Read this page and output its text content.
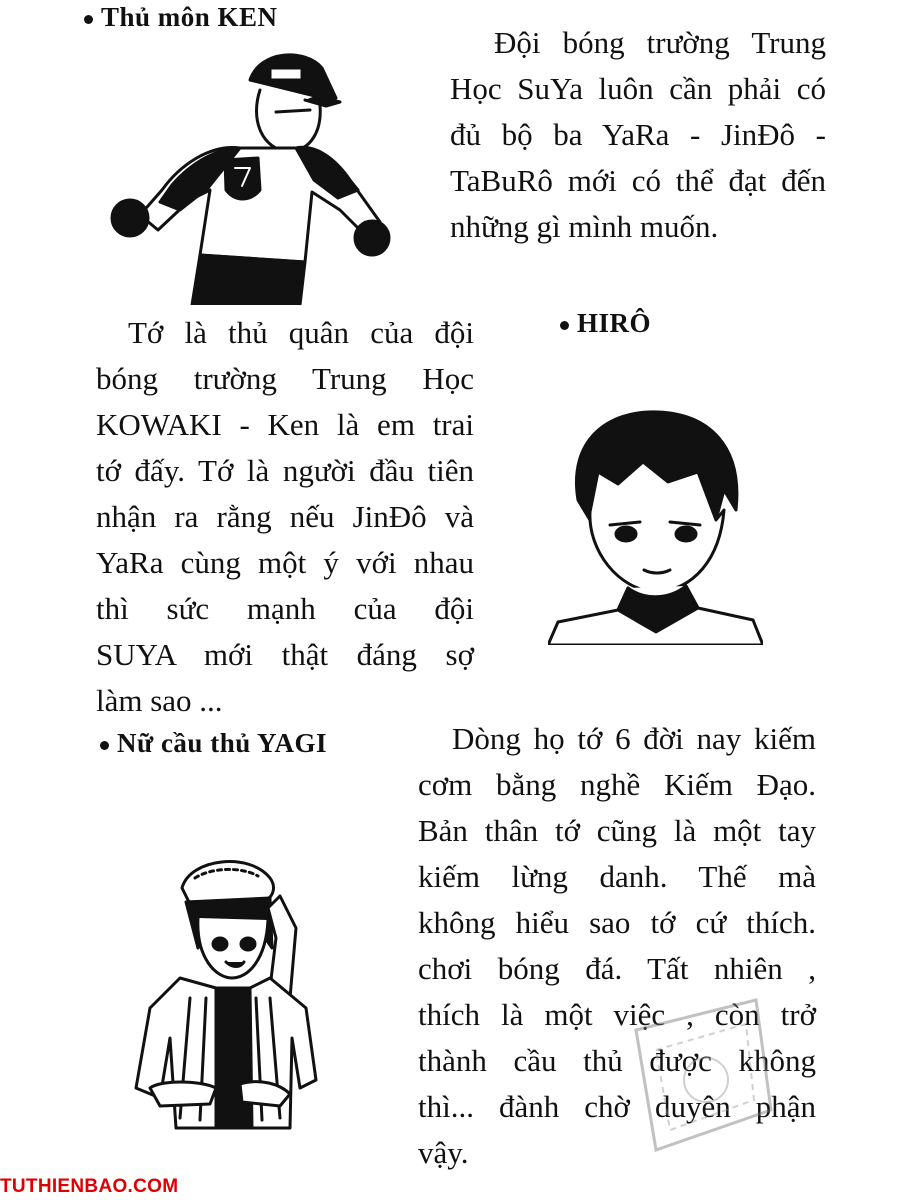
Thủ môn KEN
Đội bóng trường Trung
Học SuYa luôn cần phải có
đủ bộ ba YaRa - JinĐô -
TaBuRô mới có thể đạt đến
những gì mình muốn.
Tớ là thủ quân của đội
bóng trường Trung Học
KOWAKI - Ken là em trai
tớ đấy. Tớ là người đầu tiên
nhận ra rằng nếu JinĐô và
YaRa cùng một ý với nhau
thì sức mạnh của đội
SUYA mới thật đáng sợ
làm sao ...
HIRÔ
Nữ cầu thủ YAGI	Dòng họ tớ 6 đời nay kiếm
cơm bằng nghề Kiếm Đạo.
Bản thân tớ cũng là một tay
kiếm lừng danh. Thế mà
không hiểu sao tớ cứ thích.
chơi bóng đá. Tất nhiên ,
thích là một việc , còn trở
thành cầu thủ được không
thì... đành chờ duyên phận
vậy.
TUTHIENBAO.COM
